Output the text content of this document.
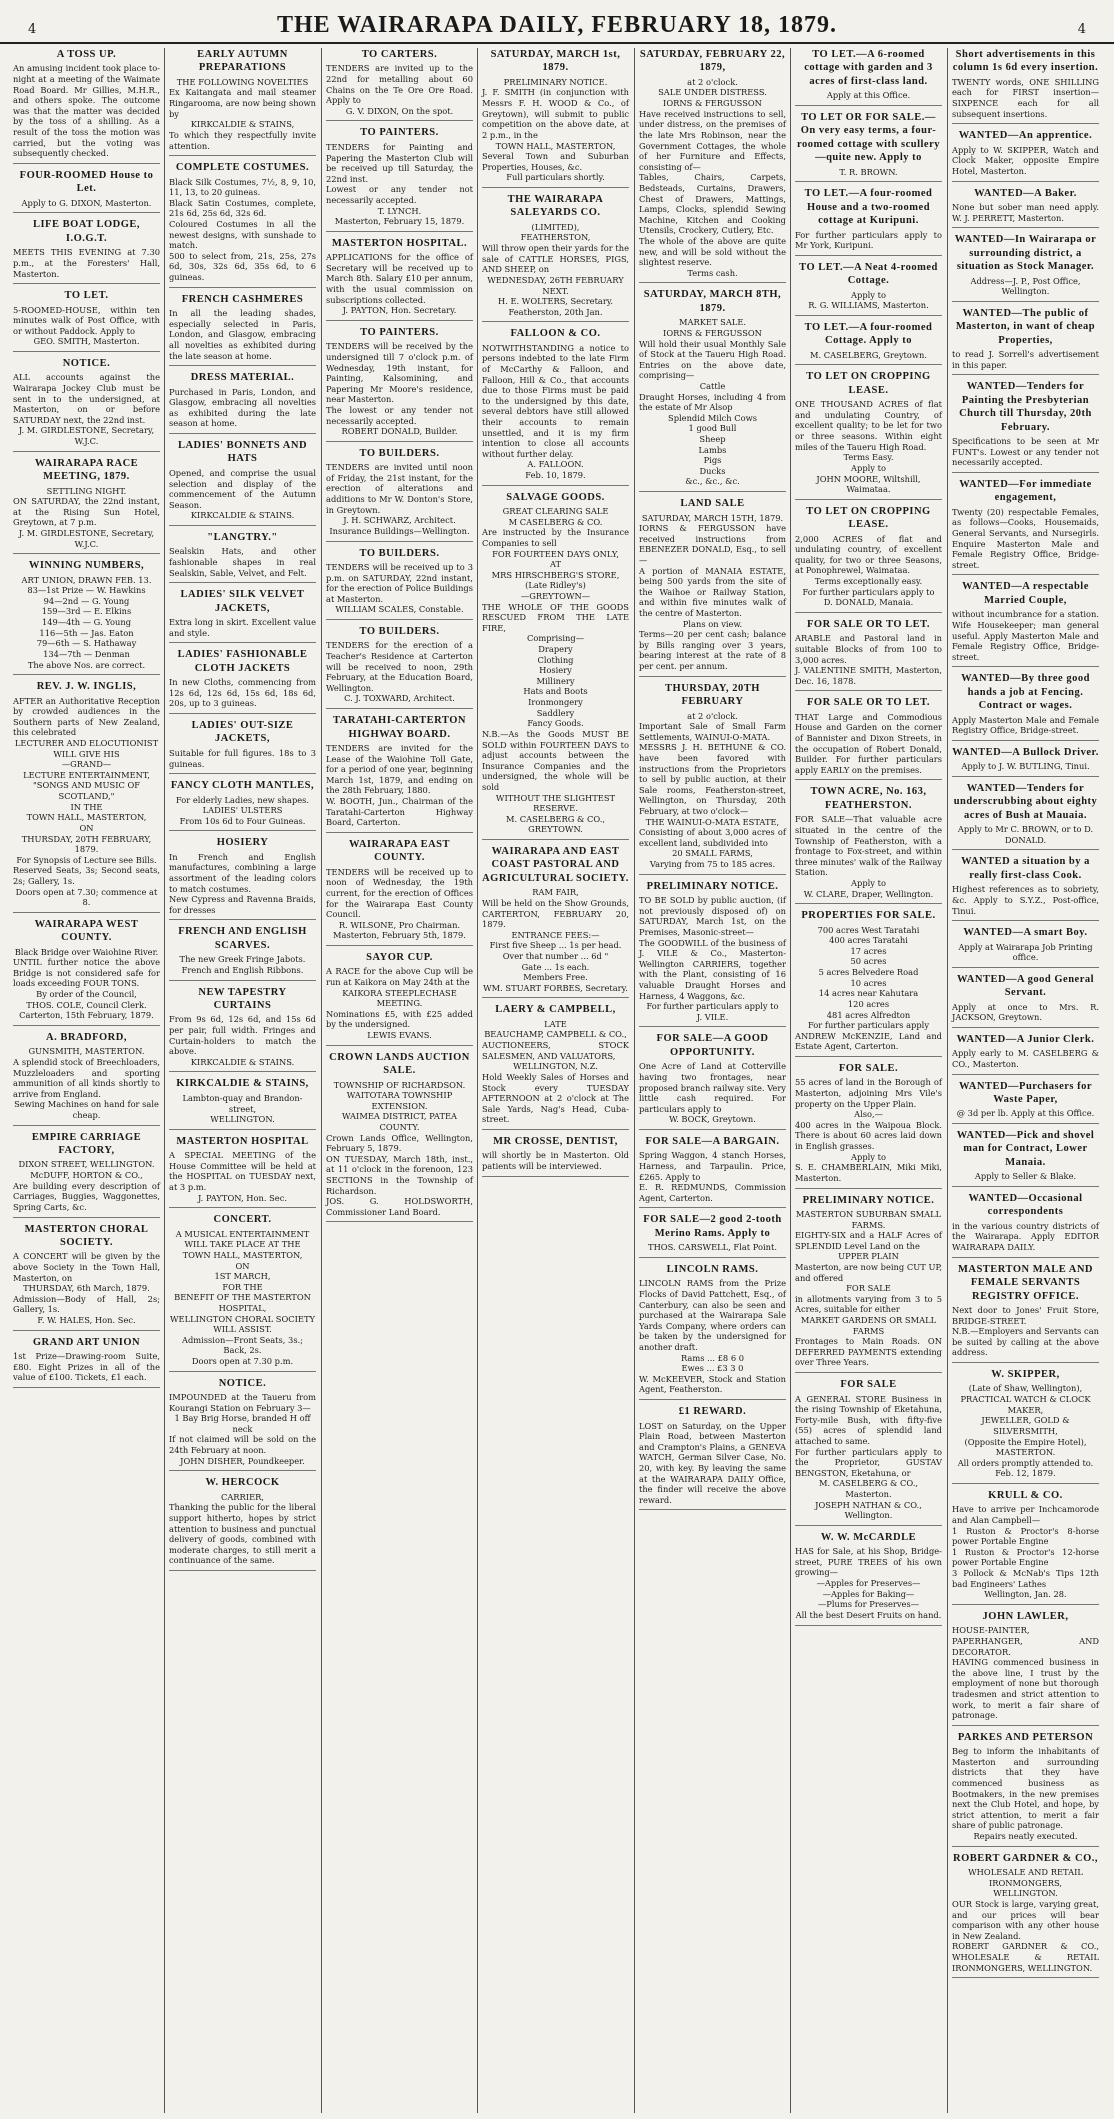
4	THE WAIRARAPA DAILY, FEBRUARY 18, 1879.	4
A TOSS UP.

An amusing incident took place to-night at a meeting of the Waimate Road Board. Mr Gillies, M.H.R., and others spoke. The outcome was that the matter was decided by the toss of a shilling. As a result of the toss the motion was carried, but the voting was subsequently checked.

FOUR-ROOMED House to Let.

Apply to G. DIXON, Masterton.

LIFE BOAT LODGE, I.O.G.T.

MEETS THIS EVENING at 7.30 p.m., at the Foresters' Hall, Masterton.

TO LET.

5-ROOMED-HOUSE, within ten minutes walk of Post Office, with or without Paddock. Apply to

GEO. SMITH, Masterton.

NOTICE.

ALL accounts against the Wairarapa Jockey Club must be sent in to the undersigned, at Masterton, on or before SATURDAY next, the 22nd inst.

J. M. GIRDLESTONE, Secretary, W.J.C.

WAIRARAPA RACE MEETING, 1879.

SETTLING NIGHT.

ON SATURDAY, the 22nd instant, at the Rising Sun Hotel, Greytown, at 7 p.m.

J. M. GIRDLESTONE, Secretary, W.J.C.

WINNING NUMBERS,

ART UNION, DRAWN FEB. 13.

83—1st Prize — W. Hawkins

94—2nd — G. Young

159—3rd — E. Elkins

149—4th — G. Young

116—5th — Jas. Eaton

79—6th — S. Hathaway

134—7th — Denman

The above Nos. are correct.

REV. J. W. INGLIS,

AFTER an Authoritative Reception by crowded audiences in the Southern parts of New Zealand, this celebrated

LECTURER AND ELOCUTIONIST

WILL GIVE HIS

—GRAND—

LECTURE ENTERTAINMENT,

"SONGS AND MUSIC OF SCOTLAND,"

IN THE

TOWN HALL, MASTERTON,

ON

THURSDAY, 20TH FEBRUARY, 1879.

For Synopsis of Lecture see Bills.

Reserved Seats, 3s; Second seats, 2s; Gallery, 1s.

Doors open at 7.30; commence at 8.

WAIRARAPA WEST COUNTY.

Black Bridge over Waiohine River.

UNTIL further notice the above Bridge is not considered safe for loads exceeding FOUR TONS.

By order of the Council,

THOS. COLE, Council Clerk.

Carterton, 15th February, 1879.

A. BRADFORD,

GUNSMITH, MASTERTON.

A splendid stock of Breechloaders, Muzzleloaders and sporting ammunition of all kinds shortly to arrive from England.

Sewing Machines on hand for sale cheap.

EMPIRE CARRIAGE FACTORY,

DIXON STREET, WELLINGTON.

McDUFF, HORTON & CO.,

Are building every description of Carriages, Buggies, Waggonettes, Spring Carts, &c.

MASTERTON CHORAL SOCIETY.

A CONCERT will be given by the above Society in the Town Hall, Masterton, on

THURSDAY, 6th March, 1879.

Admission—Body of Hall, 2s; Gallery, 1s.

F. W. HALES, Hon. Sec.

GRAND ART UNION

1st Prize—Drawing-room Suite, £80. Eight Prizes in all of the value of £100. Tickets, £1 each.

EARLY AUTUMN PREPARATIONS

THE FOLLOWING NOVELTIES

Ex Kaitangata and mail steamer Ringarooma, are now being shown by

KIRKCALDIE & STAINS,

To which they respectfully invite attention.

COMPLETE COSTUMES.

Black Silk Costumes, 7½, 8, 9, 10, 11, 13, to 20 guineas.

Black Satin Costumes, complete, 21s 6d, 25s 6d, 32s 6d.

Coloured Costumes in all the newest designs, with sunshade to match.

500 to select from, 21s, 25s, 27s 6d, 30s, 32s 6d, 35s 6d, to 6 guineas.

FRENCH CASHMERES

In all the leading shades, especially selected in Paris, London, and Glasgow, embracing all novelties as exhibited during the late season at home.

DRESS MATERIAL.

Purchased in Paris, London, and Glasgow, embracing all novelties as exhibited during the late season at home.

LADIES' BONNETS AND HATS

Opened, and comprise the usual selection and display of the commencement of the Autumn Season.

KIRKCALDIE & STAINS.

"LANGTRY."

Sealskin Hats, and other fashionable shapes in real Sealskin, Sable, Velvet, and Felt.

LADIES' SILK VELVET JACKETS,

Extra long in skirt. Excellent value and style.

LADIES' FASHIONABLE CLOTH JACKETS

In new Cloths, commencing from 12s 6d, 12s 6d, 15s 6d, 18s 6d, 20s, up to 3 guineas.

LADIES' OUT-SIZE JACKETS,

Suitable for full figures. 18s to 3 guineas.

FANCY CLOTH MANTLES,

For elderly Ladies, new shapes.

LADIES' ULSTERS

From 10s 6d to Four Guineas.

HOSIERY

In French and English manufactures, combining a large assortment of the leading colors to match costumes.

New Cypress and Ravenna Braids, for dresses

FRENCH AND ENGLISH SCARVES.

The new Greek Fringe Jabots.

French and English Ribbons.

NEW TAPESTRY CURTAINS

From 9s 6d, 12s 6d, and 15s 6d per pair, full width. Fringes and Curtain-holders to match the above.

KIRKCALDIE & STAINS.

KIRKCALDIE & STAINS,

Lambton-quay and Brandon-street,

WELLINGTON.

MASTERTON HOSPITAL

A SPECIAL MEETING of the House Committee will be held at the HOSPITAL on TUESDAY next, at 3 p.m.

J. PAYTON, Hon. Sec.

CONCERT.

A MUSICAL ENTERTAINMENT

WILL TAKE PLACE AT THE

TOWN HALL, MASTERTON,

ON

1ST MARCH,

FOR THE

BENEFIT OF THE MASTERTON HOSPITAL,

WELLINGTON CHORAL SOCIETY

WILL ASSIST.

Admission—Front Seats, 3s.; Back, 2s.

Doors open at 7.30 p.m.

NOTICE.

IMPOUNDED at the Taueru from Kourangi Station on February 3—

1 Bay Brig Horse, branded H off neck

If not claimed will be sold on the 24th February at noon.

JOHN DISHER, Poundkeeper.

W. HERCOCK

CARRIER,

Thanking the public for the liberal support hitherto, hopes by strict attention to business and punctual delivery of goods, combined with moderate charges, to still merit a continuance of the same.

TO CARTERS.

TENDERS are invited up to the 22nd for metalling about 60 Chains on the Te Ore Ore Road. Apply to

G. V. DIXON, On the spot.

TO PAINTERS.

TENDERS for Painting and Papering the Masterton Club will be received up till Saturday, the 22nd inst.

Lowest or any tender not necessarily accepted.

T. LYNCH.

Masterton, February 15, 1879.

MASTERTON HOSPITAL.

APPLICATIONS for the office of Secretary will be received up to March 8th. Salary £10 per annum, with the usual commission on subscriptions collected.

J. PAYTON, Hon. Secretary.

TO PAINTERS.

TENDERS will be received by the undersigned till 7 o'clock p.m. of Wednesday, 19th instant, for Painting, Kalsomining, and Papering Mr Moore's residence, near Masterton.

The lowest or any tender not necessarily accepted.

ROBERT DONALD, Builder.

TO BUILDERS.

TENDERS are invited until noon of Friday, the 21st instant, for the erection of alterations and additions to Mr W. Donton's Store, in Greytown.

J. H. SCHWARZ, Architect.

Insurance Buildings—Wellington.

TO BUILDERS.

TENDERS will be received up to 3 p.m. on SATURDAY, 22nd instant, for the erection of Police Buildings at Masterton.

WILLIAM SCALES, Constable.

TO BUILDERS.

TENDERS for the erection of a Teacher's Residence at Carterton will be received to noon, 29th February, at the Education Board, Wellington.

C. J. TOXWARD, Architect.

TARATAHI-CARTERTON HIGHWAY BOARD.

TENDERS are invited for the Lease of the Waiohine Toll Gate, for a period of one year, beginning March 1st, 1879, and ending on the 28th February, 1880.

W. BOOTH, Jun., Chairman of the Taratahi-Carterton Highway Board, Carterton.

WAIRARAPA EAST COUNTY.

TENDERS will be received up to noon of Wednesday, the 19th current, for the erection of Offices for the Wairarapa East County Council.

R. WILSONE, Pro Chairman.

Masterton, February 5th, 1879.

SAYOR CUP.

A RACE for the above Cup will be run at Kaikora on May 24th at the

KAIKORA STEEPLECHASE MEETING.

Nominations £5, with £25 added by the undersigned.

LEWIS EVANS.

CROWN LANDS AUCTION SALE.

TOWNSHIP OF RICHARDSON.

WAITOTARA TOWNSHIP EXTENSION.

WAIMEA DISTRICT, PATEA COUNTY.

Crown Lands Office, Wellington, February 5, 1879.

ON TUESDAY, March 18th, inst., at 11 o'clock in the forenoon, 123 SECTIONS in the Township of Richardson.

JOS. G. HOLDSWORTH, Commissioner Land Board.

SATURDAY, MARCH 1st, 1879.

PRELIMINARY NOTICE.

J. F. SMITH (in conjunction with Messrs F. H. WOOD & Co., of Greytown), will submit to public competition on the above date, at 2 p.m., in the

TOWN HALL, MASTERTON,

Several Town and Suburban Properties, Houses, &c.

Full particulars shortly.

THE WAIRARAPA SALEYARDS CO.

(LIMITED),

FEATHERSTON,

Will throw open their yards for the sale of CATTLE HORSES, PIGS, AND SHEEP, on

WEDNESDAY, 26TH FEBRUARY NEXT.

H. E. WOLTERS, Secretary.

Featherston, 20th Jan.

FALLOON & CO.

NOTWITHSTANDING a notice to persons indebted to the late Firm of McCarthy & Falloon, and Falloon, Hill & Co., that accounts due to those Firms must be paid to the undersigned by this date, several debtors have still allowed their accounts to remain unsettled, and it is my firm intention to close all accounts without further delay.

A. FALLOON.

Feb. 10, 1879.

SALVAGE GOODS.

GREAT CLEARING SALE

M CASELBERG & CO.

Are instructed by the Insurance Companies to sell

FOR FOURTEEN DAYS ONLY,

AT

MRS HIRSCHBERG'S STORE,

(Late Ridley's)

—GREYTOWN—

THE WHOLE OF THE GOODS RESCUED FROM THE LATE FIRE,

Comprising—

Drapery

Clothing

Hosiery

Millinery

Hats and Boots

Ironmongery

Saddlery

Fancy Goods.

N.B.—As the Goods MUST BE SOLD within FOURTEEN DAYS to adjust accounts between the Insurance Companies and the undersigned, the whole will be sold

WITHOUT THE SLIGHTEST RESERVE.

M. CASELBERG & CO., GREYTOWN.

WAIRARAPA AND EAST COAST PASTORAL AND AGRICULTURAL SOCIETY.

RAM FAIR,

Will be held on the Show Grounds, CARTERTON, FEBRUARY 20, 1879.

ENTRANCE FEES:—

First five Sheep ... 1s per head.

Over that number ... 6d "

Gate ... 1s each.

Members Free.

WM. STUART FORBES, Secretary.

LAERY & CAMPBELL,

LATE

BEAUCHAMP, CAMPBELL & CO.,

AUCTIONEERS, STOCK SALESMEN, AND VALUATORS,

WELLINGTON, N.Z.

Hold Weekly Sales of Horses and Stock every TUESDAY AFTERNOON at 2 o'clock at The Sale Yards, Nag's Head, Cuba-street.

MR CROSSE, DENTIST,

will shortly be in Masterton. Old patients will be interviewed.

SATURDAY, FEBRUARY 22, 1879,

at 2 o'clock.

SALE UNDER DISTRESS.

IORNS & FERGUSSON

Have received instructions to sell, under distress, on the premises of the late Mrs Robinson, near the Government Cottages, the whole of her Furniture and Effects, consisting of—

Tables, Chairs, Carpets, Bedsteads, Curtains, Drawers, Chest of Drawers, Mattings, Lamps, Clocks, splendid Sewing Machine, Kitchen and Cooking Utensils, Crockery, Cutlery, Etc.

The whole of the above are quite new, and will be sold without the slightest reserve.

Terms cash.

SATURDAY, MARCH 8TH, 1879.

MARKET SALE.

IORNS & FERGUSSON

Will hold their usual Monthly Sale of Stock at the Taueru High Road. Entries on the above date, comprising—

Cattle

Draught Horses, including 4 from the estate of Mr Alsop

Splendid Milch Cows

1 good Bull

Sheep

Lambs

Pigs

Ducks

&c., &c., &c.

LAND SALE

SATURDAY, MARCH 15TH, 1879.

IORNS & FERGUSSON have received instructions from EBENEZER DONALD, Esq., to sell—

A portion of MANAIA ESTATE, being 500 yards from the site of the Waihoe or Railway Station, and within five minutes walk of the centre of Masterton.

Plans on view.

Terms—20 per cent cash; balance by Bills ranging over 3 years, bearing interest at the rate of 8 per cent. per annum.

THURSDAY, 20TH FEBRUARY

at 2 o'clock.

Important Sale of Small Farm Settlements, WAINUI-O-MATA.

MESSRS J. H. BETHUNE & CO. have been favored with instructions from the Proprietors to sell by public auction, at their Sale rooms, Featherston-street, Wellington, on Thursday, 20th February, at two o'clock—

THE WAINUI-O-MATA ESTATE,

Consisting of about 3,000 acres of excellent land, subdivided into

20 SMALL FARMS,

Varying from 75 to 185 acres.

PRELIMINARY NOTICE.

TO BE SOLD by public auction, (if not previously disposed of) on SATURDAY, March 1st, on the Premises, Masonic-street—

The GOODWILL of the business of J. VILE & Co., Masterton-Wellington CARRIERS, together with the Plant, consisting of 16 valuable Draught Horses and Harness, 4 Waggons, &c.

For further particulars apply to

J. VILE.

FOR SALE—A GOOD OPPORTUNITY.

One Acre of Land at Cotterville having two frontages, near proposed branch railway site. Very little cash required. For particulars apply to

W. BOCK, Greytown.

FOR SALE—A BARGAIN.

Spring Waggon, 4 stanch Horses, Harness, and Tarpaulin. Price, £265. Apply to

E. R. REDMUNDS, Commission Agent, Carterton.

FOR SALE—2 good 2-tooth Merino Rams. Apply to

THOS. CARSWELL, Flat Point.

LINCOLN RAMS.

LINCOLN RAMS from the Prize Flocks of David Pattchett, Esq., of Canterbury, can also be seen and purchased at the Wairarapa Sale Yards Company, where orders can be taken by the undersigned for another draft.

Rams ... £8 6 0

Ewes ... £3 3 0

W. McKEEVER, Stock and Station Agent, Featherston.

£1 REWARD.

LOST on Saturday, on the Upper Plain Road, between Masterton and Crampton's Plains, a GENEVA WATCH, German Silver Case, No. 20, with key. By leaving the same at the WAIRARAPA DAILY Office, the finder will receive the above reward.

TO LET.—A 6-roomed cottage with garden and 3 acres of first-class land.

Apply at this Office.

TO LET OR FOR SALE.—On very easy terms, a four-roomed cottage with scullery—quite new. Apply to

T. R. BROWN.

TO LET.—A four-roomed House and a two-roomed cottage at Kuripuni.

For further particulars apply to Mr York, Kuripuni.

TO LET.—A Neat 4-roomed Cottage.

Apply to

R. G. WILLIAMS, Masterton.

TO LET.—A four-roomed Cottage. Apply to

M. CASELBERG, Greytown.

TO LET ON CROPPING LEASE.

ONE THOUSAND ACRES of flat and undulating Country, of excellent quality; to be let for two or three seasons. Within eight miles of the Taueru High Road.

Terms Easy.

Apply to

JOHN MOORE, Wiltshill, Waimataa.

TO LET ON CROPPING LEASE.

2,000 ACRES of flat and undulating country, of excellent quality, for two or three Seasons, at Ponophrewel, Waimataa.

Terms exceptionally easy.

For further particulars apply to

D. DONALD, Manaia.

FOR SALE OR TO LET.

ARABLE and Pastoral land in suitable Blocks of from 100 to 3,000 acres.

J. VALENTINE SMITH, Masterton, Dec. 16, 1878.

FOR SALE OR TO LET.

THAT Large and Commodious House and Garden on the corner of Bannister and Dixon Streets, in the occupation of Robert Donald, Builder. For further particulars apply EARLY on the premises.

TOWN ACRE, No. 163, FEATHERSTON.

FOR SALE—That valuable acre situated in the centre of the Township of Featherston, with a frontage to Fox-street, and within three minutes' walk of the Railway Station.

Apply to

W. CLARE, Draper, Wellington.

PROPERTIES FOR SALE.

700 acres West Taratahi

400 acres Taratahi

17 acres

50 acres

5 acres Belvedere Road

10 acres

14 acres near Kahutara

120 acres

481 acres Alfredton

For further particulars apply

ANDREW McKENZIE, Land and Estate Agent, Carterton.

FOR SALE.

55 acres of land in the Borough of Masterton, adjoining Mrs Vile's property on the Upper Plain.

Also,—

400 acres in the Waipoua Block. There is about 60 acres laid down in English grasses.

Apply to

S. E. CHAMBERLAIN, Miki Miki, Masterton.

PRELIMINARY NOTICE.

MASTERTON SUBURBAN SMALL FARMS.

EIGHTY-SIX and a HALF Acres of SPLENDID Level Land on the

UPPER PLAIN

Masterton, are now being CUT UP, and offered

FOR SALE

in allotments varying from 3 to 5 Acres, suitable for either

MARKET GARDENS OR SMALL FARMS

Frontages to Main Roads. ON DEFERRED PAYMENTS extending over Three Years.

FOR SALE

A GENERAL STORE Business in the rising Township of Eketahuna, Forty-mile Bush, with fifty-five (55) acres of splendid land attached to same.

For further particulars apply to the Proprietor, GUSTAV BENGSTON, Eketahuna, or

M. CASELBERG & CO., Masterton.

JOSEPH NATHAN & CO., Wellington.

W. W. McCARDLE

HAS for Sale, at his Shop, Bridge-street, PURE TREES of his own growing—

—Apples for Preserves—

—Apples for Baking—

—Plums for Preserves—

All the best Desert Fruits on hand.

Short advertisements in this column 1s 6d every insertion.

TWENTY words, ONE SHILLING each for FIRST insertion—SIXPENCE each for all subsequent insertions.

WANTED—An apprentice.

Apply to W. SKIPPER, Watch and Clock Maker, opposite Empire Hotel, Masterton.

WANTED—A Baker.

None but sober man need apply. W. J. PERRETT, Masterton.

WANTED—In Wairarapa or surrounding district, a situation as Stock Manager.

Address—J. P., Post Office, Wellington.

WANTED—The public of Masterton, in want of cheap Properties,

to read J. Sorrell's advertisement in this paper.

WANTED—Tenders for Painting the Presbyterian Church till Thursday, 20th February.

Specifications to be seen at Mr FUNT's. Lowest or any tender not necessarily accepted.

WANTED—For immediate engagement,

Twenty (20) respectable Females, as follows—Cooks, Housemaids, General Servants, and Nursegirls. Enquire Masterton Male and Female Registry Office, Bridge-street.

WANTED—A respectable Married Couple,

without incumbrance for a station. Wife Housekeeper; man general useful. Apply Masterton Male and Female Registry Office, Bridge-street.

WANTED—By three good hands a job at Fencing. Contract or wages.

Apply Masterton Male and Female Registry Office, Bridge-street.

WANTED—A Bullock Driver.

Apply to J. W. BUTLING, Tinui.

WANTED—Tenders for underscrubbing about eighty acres of Bush at Mauaia.

Apply to Mr C. BROWN, or to D. DONALD.

WANTED a situation by a really first-class Cook.

Highest references as to sobriety, &c. Apply to S.Y.Z., Post-office, Tinui.

WANTED—A smart Boy.

Apply at Wairarapa Job Printing office.

WANTED—A good General Servant.

Apply at once to Mrs. R. JACKSON, Greytown.

WANTED—A Junior Clerk.

Apply early to M. CASELBERG & CO., Masterton.

WANTED—Purchasers for Waste Paper,

@ 3d per lb. Apply at this Office.

WANTED—Pick and shovel man for Contract, Lower Manaia.

Apply to Seller & Blake.

WANTED—Occasional correspondents

in the various country districts of the Wairarapa. Apply EDITOR WAIRARAPA DAILY.

MASTERTON MALE AND FEMALE SERVANTS REGISTRY OFFICE.

Next door to Jones' Fruit Store, BRIDGE-STREET.

N.B.—Employers and Servants can be suited by calling at the above address.

W. SKIPPER,

(Late of Shaw, Wellington),

PRACTICAL WATCH & CLOCK MAKER,

JEWELLER, GOLD & SILVERSMITH,

(Opposite the Empire Hotel),

MASTERTON.

All orders promptly attended to.

Feb. 12, 1879.

KRULL & CO.

Have to arrive per Inchcamorode and Alan Campbell—

1 Ruston & Proctor's 8-horse power Portable Engine

1 Ruston & Proctor's 12-horse power Portable Engine

3 Pollock & McNab's Tips 12th bad Engineers' Lathes

Wellington, Jan. 28.

JOHN LAWLER,

HOUSE-PAINTER, PAPERHANGER, AND DECORATOR.

HAVING commenced business in the above line, I trust by the employment of none but thorough tradesmen and strict attention to work, to merit a fair share of patronage.

PARKES AND PETERSON

Beg to inform the inhabitants of Masterton and surrounding districts that they have commenced business as Bootmakers, in the new premises next the Club Hotel, and hope, by strict attention, to merit a fair share of public patronage.

Repairs neatly executed.

ROBERT GARDNER & CO.,

WHOLESALE AND RETAIL IRONMONGERS,

WELLINGTON.

OUR Stock is large, varying great, and our prices will bear comparison with any other house in New Zealand.

ROBERT GARDNER & CO., WHOLESALE & RETAIL IRONMONGERS, WELLINGTON.
